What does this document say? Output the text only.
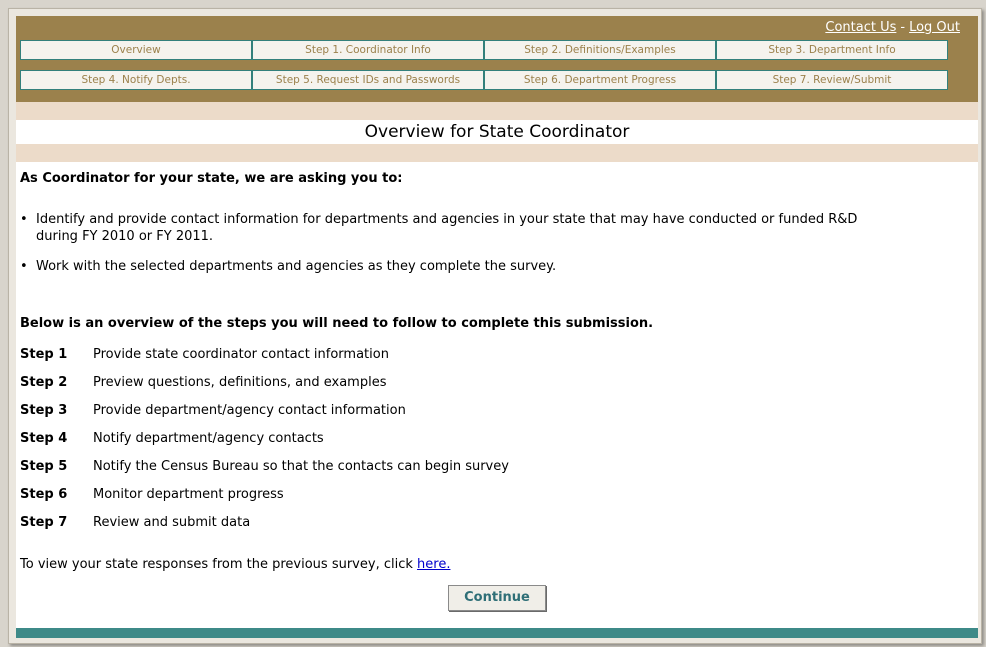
Contact Us - Log Out
Overview	Step 1. Coordinator Info	Step 2. Definitions/Examples	Step 3. Department Info
Step 4. Notify Depts.	Step 5. Request IDs and Passwords	Step 6. Department Progress	Step 7. Review/Submit
Overview for State Coordinator
As Coordinator for your state, we are asking you to:
• Identify and provide contact information for departments and agencies in your state that may have conducted or funded R&D during FY 2010 or FY 2011.
• Work with the selected departments and agencies as they complete the survey.
Below is an overview of the steps you will need to follow to complete this submission.
Step 1 Provide state coordinator contact information
Step 2 Preview questions, definitions, and examples
Step 3 Provide department/agency contact information
Step 4 Notify department/agency contacts
Step 5 Notify the Census Bureau so that the contacts can begin survey
Step 6 Monitor department progress
Step 7 Review and submit data
To view your state responses from the previous survey, click here.
Continue
